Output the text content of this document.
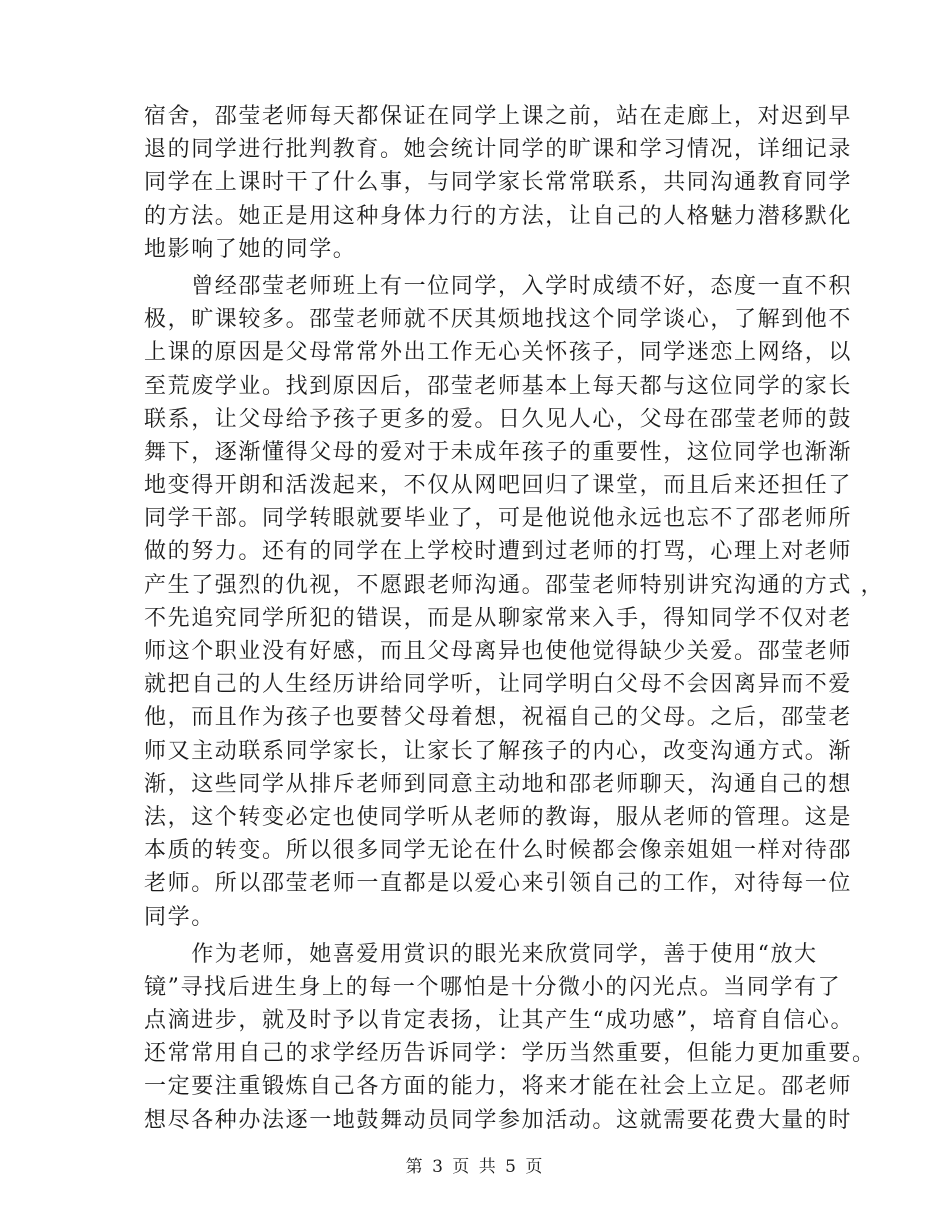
宿舍，邵莹老师每天都保证在同学上课之前，站在走廊上，对迟到早
退的同学进行批判教育。她会统计同学的旷课和学习情况，详细记录
同学在上课时干了什么事，与同学家长常常联系，共同沟通教育同学
的方法。她正是用这种身体力行的方法，让自己的人格魅力潜移默化
地影响了她的同学。
　　曾经邵莹老师班上有一位同学，入学时成绩不好，态度一直不积
极，旷课较多。邵莹老师就不厌其烦地找这个同学谈心，了解到他不
上课的原因是父母常常外出工作无心关怀孩子，同学迷恋上网络，以
至荒废学业。找到原因后，邵莹老师基本上每天都与这位同学的家长
联系，让父母给予孩子更多的爱。日久见人心，父母在邵莹老师的鼓
舞下，逐渐懂得父母的爱对于未成年孩子的重要性，这位同学也渐渐
地变得开朗和活泼起来，不仅从网吧回归了课堂，而且后来还担任了
同学干部。同学转眼就要毕业了，可是他说他永远也忘不了邵老师所
做的努力。还有的同学在上学校时遭到过老师的打骂，心理上对老师
产生了强烈的仇视，不愿跟老师沟通。邵莹老师特别讲究沟通的方式 ，
不先追究同学所犯的错误，而是从聊家常来入手，得知同学不仅对老
师这个职业没有好感，而且父母离异也使他觉得缺少关爱。邵莹老师
就把自己的人生经历讲给同学听，让同学明白父母不会因离异而不爱
他，而且作为孩子也要替父母着想，祝福自己的父母。之后，邵莹老
师又主动联系同学家长，让家长了解孩子的内心，改变沟通方式。渐
渐，这些同学从排斥老师到同意主动地和邵老师聊天，沟通自己的想
法，这个转变必定也使同学听从老师的教诲，服从老师的管理。这是
本质的转变。所以很多同学无论在什么时候都会像亲姐姐一样对待邵
老师。所以邵莹老师一直都是以爱心来引领自己的工作，对待每一位
同学。
　　作为老师，她喜爱用赏识的眼光来欣赏同学，善于使用“放大
镜”寻找后进生身上的每一个哪怕是十分微小的闪光点。当同学有了
点滴进步，就及时予以肯定表扬，让其产生“成功感”，培育自信心。
还常常用自己的求学经历告诉同学：学历当然重要，但能力更加重要。
一定要注重锻炼自己各方面的能力，将来才能在社会上立足。邵老师
想尽各种办法逐一地鼓舞动员同学参加活动。这就需要花费大量的时
第 3 页 共 5 页
